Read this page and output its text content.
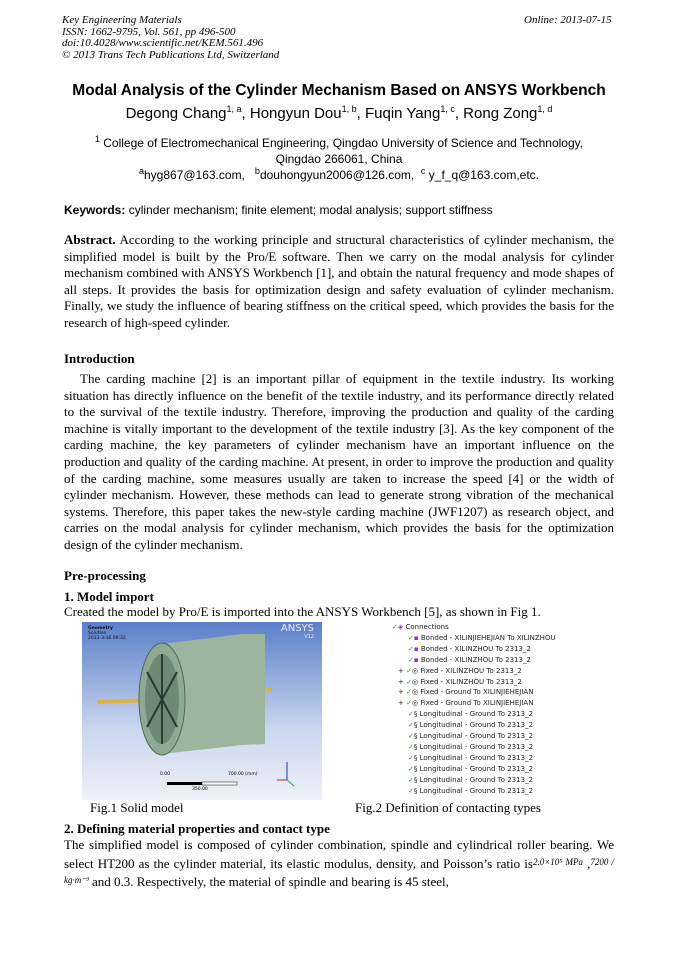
Key Engineering Materials
ISSN: 1662-9795, Vol. 561, pp 496-500
doi:10.4028/www.scientific.net/KEM.561.496
© 2013 Trans Tech Publications Ltd, Switzerland
Online: 2013-07-15
Modal Analysis of the Cylinder Mechanism Based on ANSYS Workbench
Degong Chang$^{1, a}$, Hongyun Dou$^{1, b}$, Fuqin Yang$^{1, c}$, Rong Zong$^{1, d}$
$^1$ College of Electromechanical Engineering, Qingdao University of Science and Technology,
Qingdao 266061, China
$^a$hyg867@163.com, $^b$douhongyun2006@126.com, $^c$ y_f_q@163.com,etc.
Keywords: cylinder mechanism; finite element; modal analysis; support stiffness
Abstract. According to the working principle and structural characteristics of cylinder mechanism, the simplified model is built by the Pro/E software. Then we carry on the modal analysis for cylinder mechanism combined with ANSYS Workbench [1], and obtain the natural frequency and mode shapes of all steps. It provides the basis for optimization design and safety evaluation of cylinder mechanism. Finally, we study the influence of bearing stiffness on the critical speed, which provides the basis for the research of high-speed cylinder.
Introduction
The carding machine [2] is an important pillar of equipment in the textile industry. Its working situation has directly influence on the benefit of the textile industry, and its performance directly related to the survival of the textile industry. Therefore, improving the production and quality of the carding machine is vitally important to the development of the textile industry [3]. As the key component of the carding machine, the key parameters of cylinder mechanism have an important influence on the production and quality of the carding machine. At present, in order to improve the production and quality of the carding machine, some measures usually are taken to increase the speed [4] or the width of cylinder mechanism. However, these methods can lead to generate strong vibration of the mechanical systems. Therefore, this paper takes the new-style carding machine (JWF1207) as research object, and carries on the modal analysis for cylinder mechanism, which provides the basis for the optimization design of the cylinder mechanism.
Pre-processing
1. Model import
Created the model by Pro/E is imported into the ANSYS Workbench [5], as shown in Fig 1.
Geometry
Solution
2013-3-16 09:32
ANSYS
V12
0.00	700.00 (mm)
350.00
✓◈ Connections
✓▪ Bonded - XILINJIEHEJIAN To XILINZHOU
✓▪ Bonded - XILINZHOU To 2313_2
✓▪ Bonded - XILINZHOU To 2313_2
+ ✓◎ Fixed - XILINZHOU To 2313_2
+ ✓◎ Fixed - XILINZHOU To 2313_2
+ ✓◎ Fixed - Ground To XILINJIEHEJIAN
+ ✓◎ Fixed - Ground To XILINJIEHEJIAN
✓§ Longitudinal - Ground To 2313_2
✓§ Longitudinal - Ground To 2313_2
✓§ Longitudinal - Ground To 2313_2
✓§ Longitudinal - Ground To 2313_2
✓§ Longitudinal - Ground To 2313_2
✓§ Longitudinal - Ground To 2313_2
✓§ Longitudinal - Ground To 2313_2
✓§ Longitudinal - Ground To 2313_2
Fig.1 Solid model	Fig.2 Definition of contacting types
2. Defining material properties and contact type
The simplified model is composed of cylinder combination, spindle and cylindrical roller bearing. We select HT200 as the cylinder material, its elastic modulus, density, and Poisson’s ratio $is^{2.0\times 10^5 MPa}$ ,$^{7200 / kg\cdot m^{-3}}$ and 0.3. Respectively, the material of spindle and bearing is 45 steel,
